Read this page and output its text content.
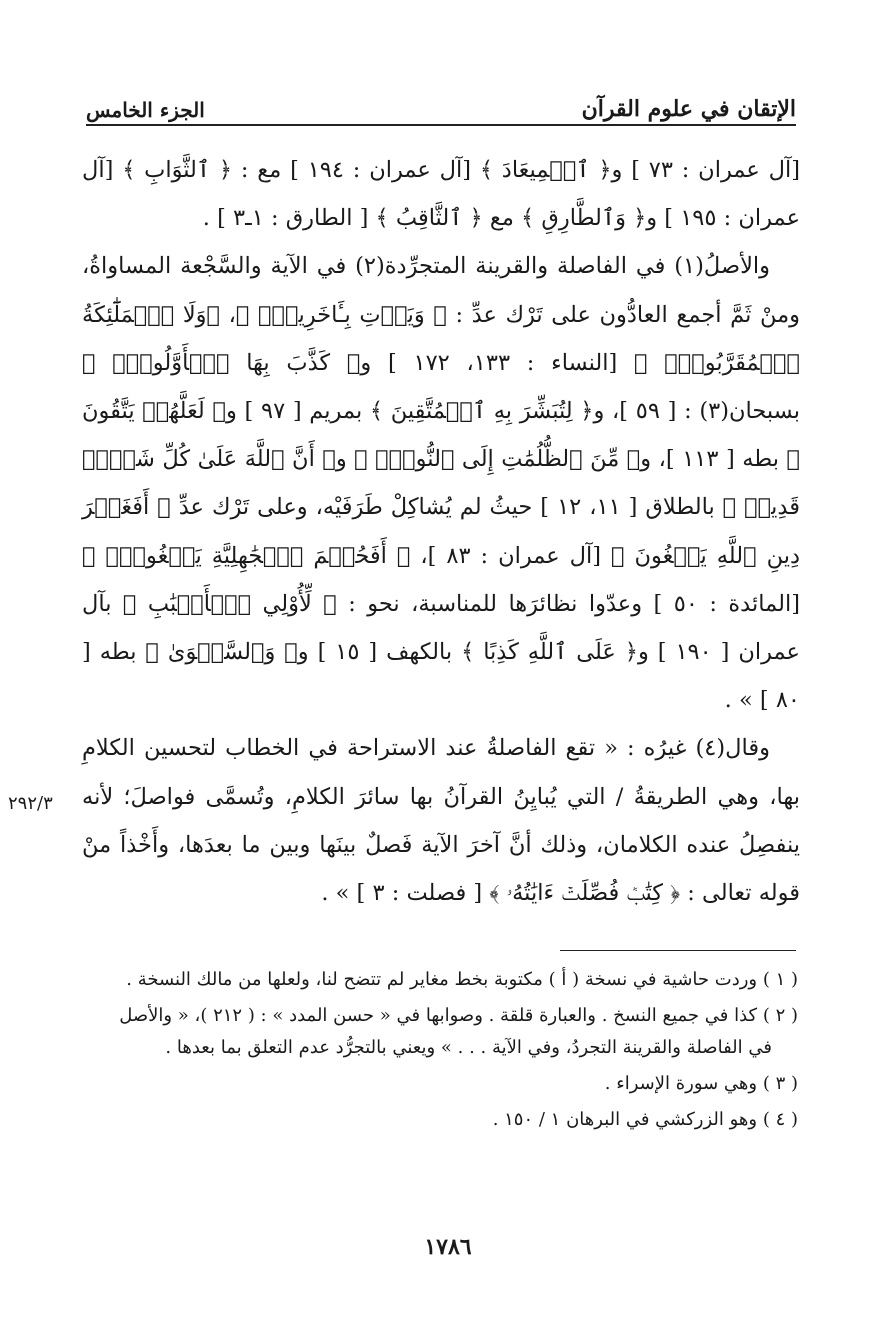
الإتقان في علوم القرآن
الجزء الخامس

[آل عمران : ٧٣ ] و﴿ ٱلۡمِيعَادَ ﴾ [آل عمران : ١٩٤ ] مع : ﴿ ٱلثَّوَابِ ﴾ [آل عمران : ١٩٥ ] و﴿ وَٱلطَّارِقِ ﴾ مع ﴿ ٱلثَّاقِبُ ﴾ [ الطارق : ١ـ٣ ] .

والأصلُ(١) في الفاصلة والقرينة المتجرِّدة(٢) في الآية والسَّجْعة المساواةُ، ومنْ ثَمَّ أجمع العادُّون على تَرْك عدِّ : ﴿ وَيَأۡتِ بِـَٔاخَرِينَۚ ﴾، ﴿وَلَا ٱلۡمَلَٰٓئِكَةُ ٱلۡمُقَرَّبُونَۚ ﴾ [النساء : ١٣٣، ١٧٢ ] و﴿ كَذَّبَ بِهَا ٱلۡأَوَّلُونَۚ ﴾ بسبحان(٣) : [ ٥٩ ]، و﴿ لِتُبَشِّرَ بِهِ ٱلۡمُتَّقِينَ ﴾ بمريم [ ٩٧ ] و﴿ لَعَلَّهُمۡ يَتَّقُونَ ﴾ بطه [ ١١٣ ]، و﴿ مِّنَ ٱلظُّلُمَٰتِ إِلَى ٱلنُّورِۚ ﴾ و﴿ أَنَّ ٱللَّهَ عَلَىٰ كُلِّ شَيۡءٖ قَدِيرٞ ﴾ بالطلاق [ ١١، ١٢ ] حيثُ لم يُشاكِلْ طَرَفَيْه، وعلى تَرْك عدِّ ﴿ أَفَغَيۡرَ دِينِ ٱللَّهِ يَبۡغُونَ ﴾ [آل عمران : ٨٣ ]، ﴿ أَفَحُكۡمَ ٱلۡجَٰهِلِيَّةِ يَبۡغُونَۚ ﴾ [المائدة : ٥٠ ] وعدّوا نظائرَها للمناسبة، نحو : ﴿ لِّأُوْلِي ٱلۡأَلۡبَٰبِ ﴾ بآل عمران [ ١٩٠ ] و﴿ عَلَى ٱللَّهِ كَذِبًا ﴾ بالكهف [ ١٥ ] و﴿ وَٱلسَّلۡوَىٰ ﴾ بطه [ ٨٠ ] » .

وقال(٤) غيرُه : « تقع الفاصلةُ عند الاستراحة في الخطاب لتحسين الكلامِ بها، وهي الطريقةُ / التي يُبايِنُ القرآنُ بها سائرَ الكلامِ، وتُسمَّى فواصلَ؛ لأنه ينفصِلُ عنده الكلامان، وذلك أنَّ آخرَ الآية فَصلٌ بينَها وبين ما بعدَها، وأَخْذاً منْ قوله تعالى : ﴿ كِتَٰبٞ فُصِّلَتۡ ءَايَٰتُهُۥ ﴾ [ فصلت : ٣ ] » .

٢٩٢/٣

( ١ ) وردت حاشية في نسخة ( أ ) مكتوبة بخط مغاير لم تتضح لنا، ولعلها من مالك النسخة .

( ٢ ) كذا في جميع النسخ . والعبارة قلقة . وصوابها في « حسن المدد » : ( ٢١٢ )، « والأصل
في الفاصلة والقرينة التجردُ، وفي الآية . . . » ويعني بالتجرُّد عدم التعلق بما بعدها .

( ٣ ) وهي سورة الإسراء .

( ٤ ) وهو الزركشي في البرهان ١ / ١٥٠ .

١٧٨٦
